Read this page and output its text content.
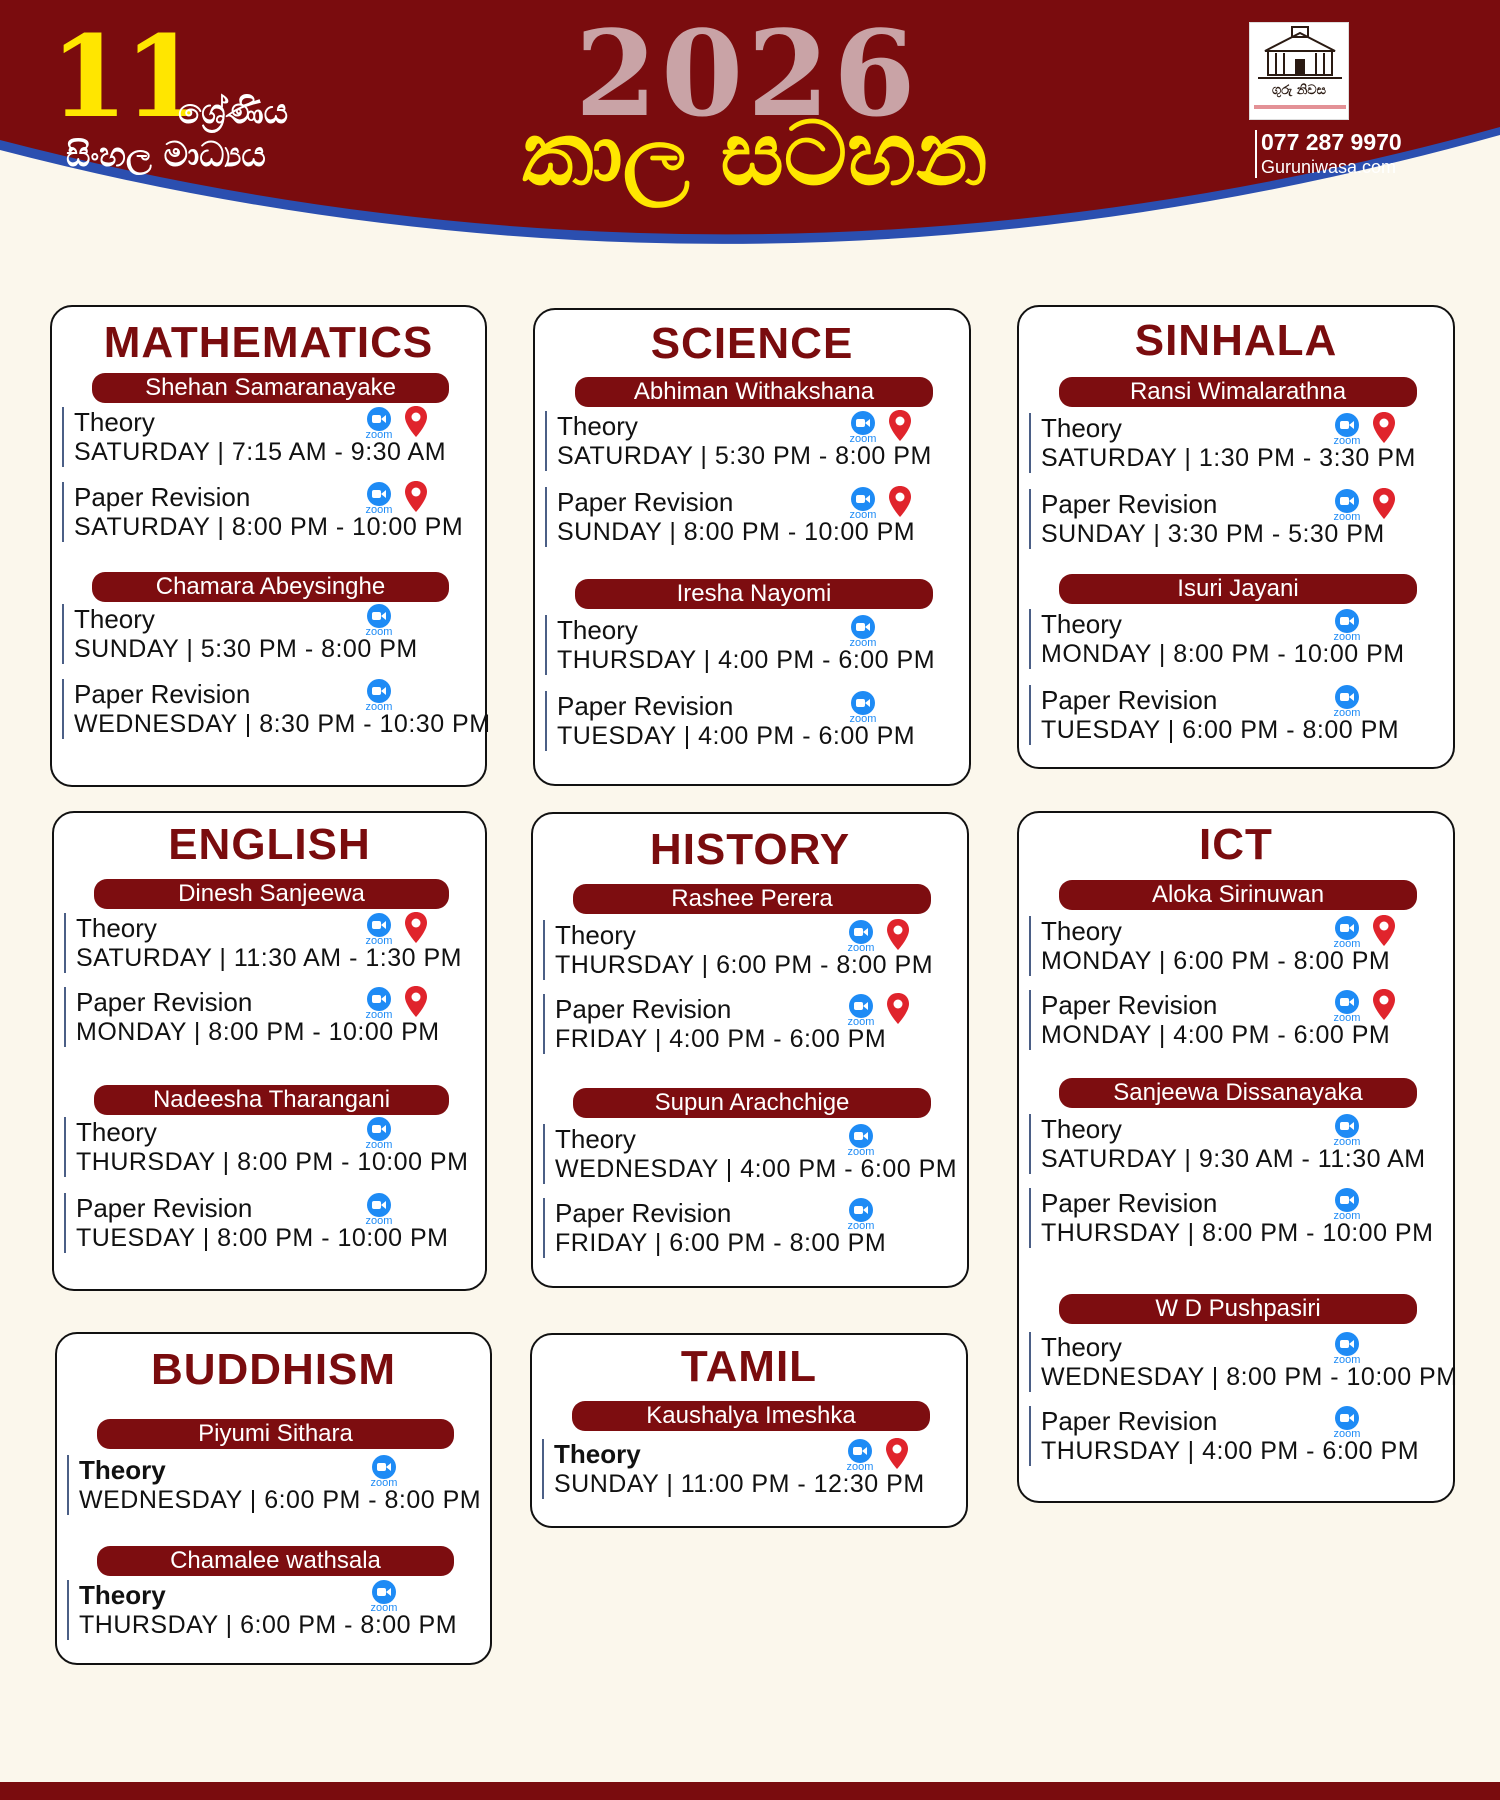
11
ශ්‍රේණිය
සිංහල මාධ්‍යය
2026
කාල සටහන
ගුරු නිවස
077 287 9970
Guruniwasa.com
MATHEMATICS
Shehan Samaranayake
Theory
SATURDAY | 7:15 AM - 9:30 AM
zoom
Paper Revision
SATURDAY | 8:00 PM - 10:00 PM
zoom
Chamara Abeysinghe
Theory
SUNDAY | 5:30 PM - 8:00 PM
zoom
Paper Revision
WEDNESDAY | 8:30 PM - 10:30 PM
zoom
SCIENCE
Abhiman Withakshana
Theory
SATURDAY | 5:30 PM - 8:00 PM
zoom
Paper Revision
SUNDAY | 8:00 PM - 10:00 PM
zoom
Iresha Nayomi
Theory
THURSDAY | 4:00 PM - 6:00 PM
zoom
Paper Revision
TUESDAY | 4:00 PM - 6:00 PM
zoom
SINHALA
Ransi Wimalarathna
Theory
SATURDAY | 1:30 PM - 3:30 PM
zoom
Paper Revision
SUNDAY | 3:30 PM - 5:30 PM
zoom
Isuri Jayani
Theory
MONDAY | 8:00 PM - 10:00 PM
zoom
Paper Revision
TUESDAY | 6:00 PM - 8:00 PM
zoom
ENGLISH
Dinesh Sanjeewa
Theory
SATURDAY | 11:30 AM - 1:30 PM
zoom
Paper Revision
MONDAY | 8:00 PM - 10:00 PM
zoom
Nadeesha Tharangani
Theory
THURSDAY | 8:00 PM - 10:00 PM
zoom
Paper Revision
TUESDAY | 8:00 PM - 10:00 PM
zoom
HISTORY
Rashee Perera
Theory
THURSDAY | 6:00 PM - 8:00 PM
zoom
Paper Revision
FRIDAY | 4:00 PM - 6:00 PM
zoom
Supun Arachchige
Theory
WEDNESDAY | 4:00 PM - 6:00 PM
zoom
Paper Revision
FRIDAY | 6:00 PM - 8:00 PM
zoom
ICT
Aloka Sirinuwan
Theory
MONDAY | 6:00 PM - 8:00 PM
zoom
Paper Revision
MONDAY | 4:00 PM - 6:00 PM
zoom
Sanjeewa Dissanayaka
Theory
SATURDAY | 9:30 AM - 11:30 AM
zoom
Paper Revision
THURSDAY | 8:00 PM - 10:00 PM
zoom
W D Pushpasiri
Theory
WEDNESDAY | 8:00 PM - 10:00 PM
zoom
Paper Revision
THURSDAY | 4:00 PM - 6:00 PM
zoom
BUDDHISM
Piyumi Sithara
Theory
WEDNESDAY | 6:00 PM - 8:00 PM
zoom
Chamalee wathsala
Theory
THURSDAY | 6:00 PM - 8:00 PM
zoom
TAMIL
Kaushalya Imeshka
Theory
SUNDAY | 11:00 PM - 12:30 PM
zoom
